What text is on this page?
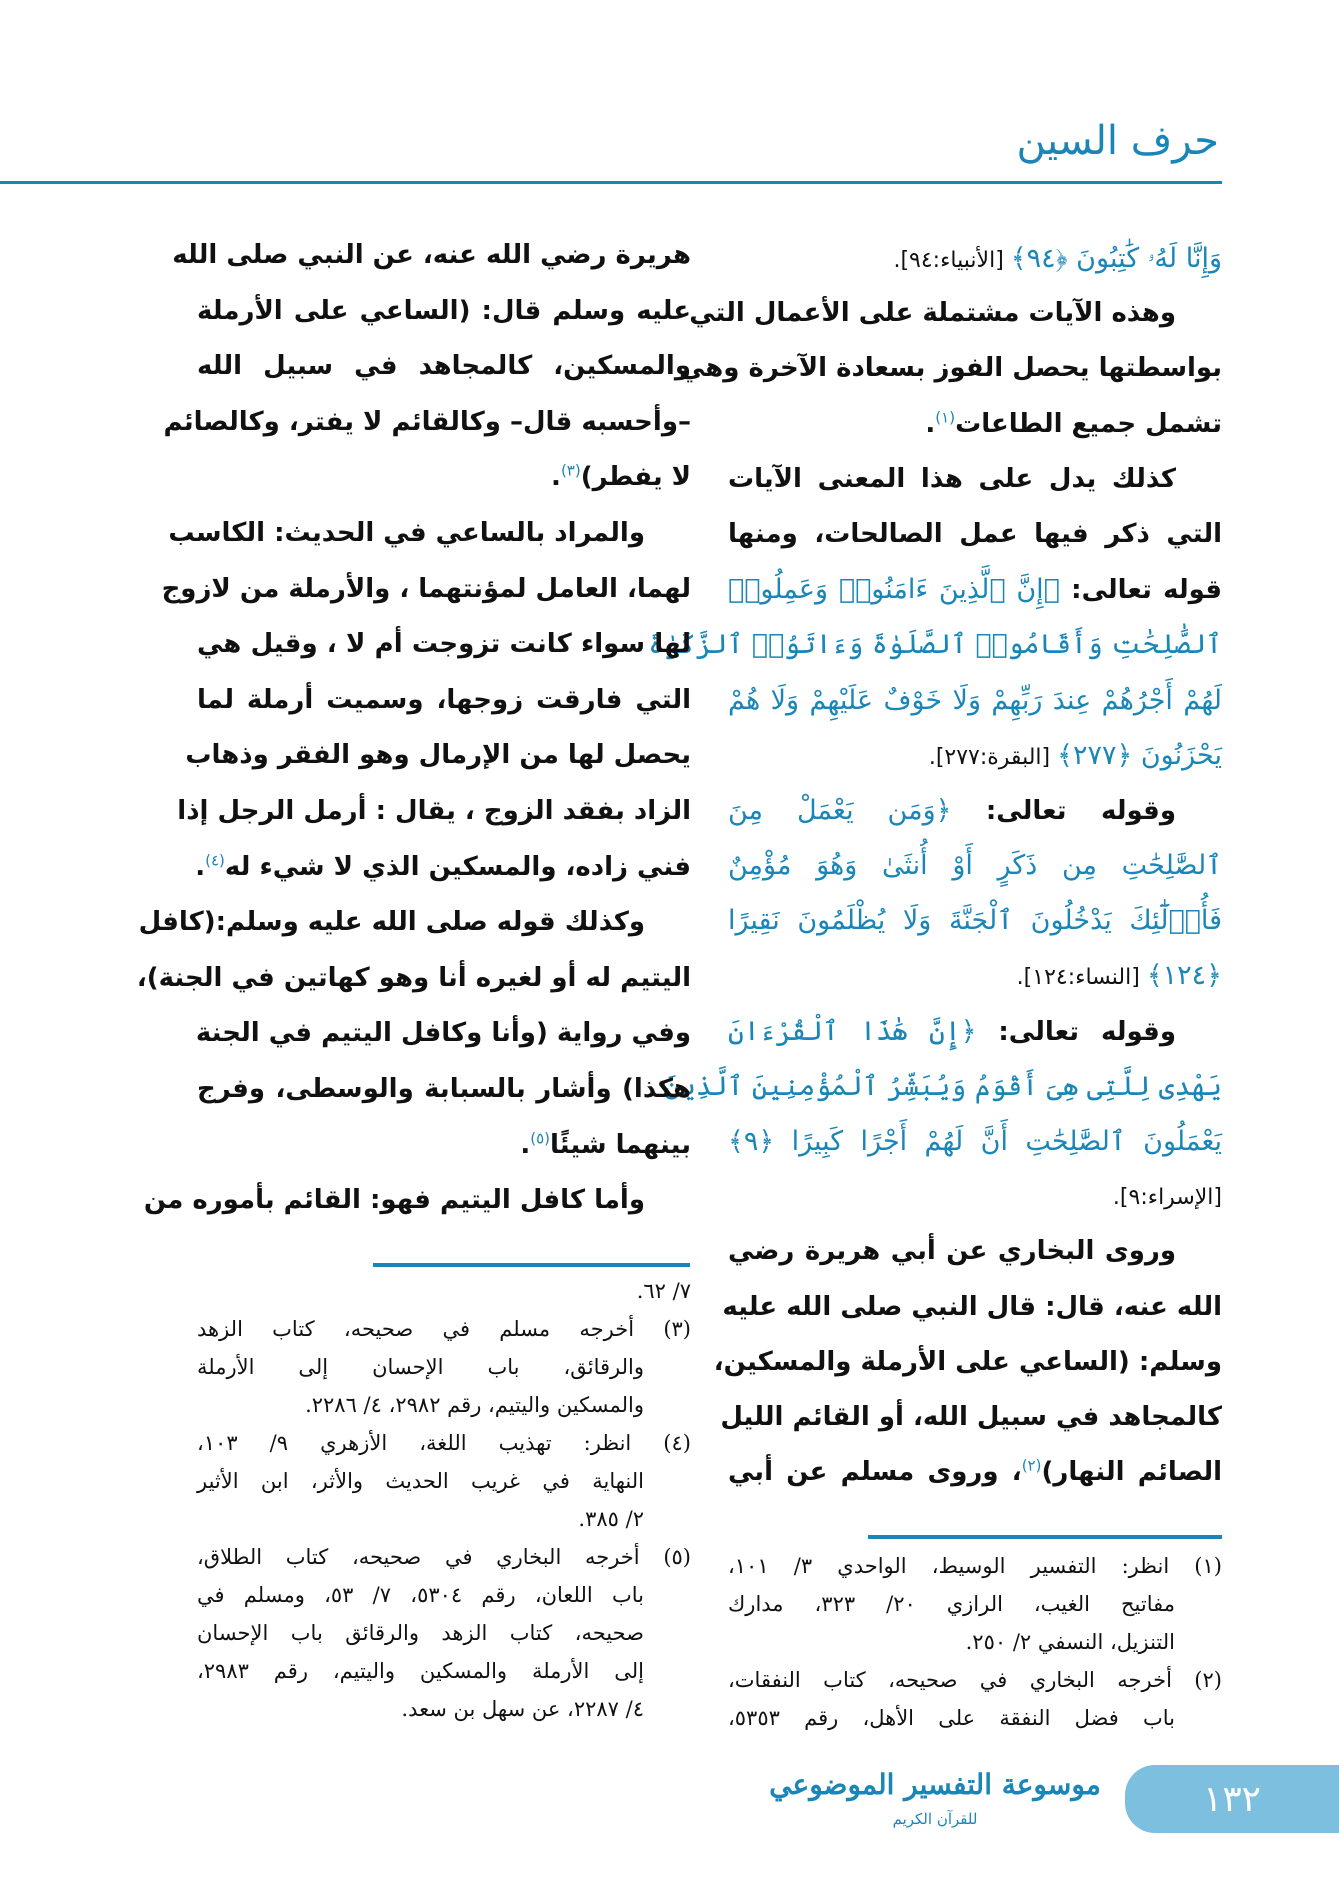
حرف السين
وَإِنَّا لَهُۥ كَٰتِبُونَ ﴿٩٤﴾ [الأنبياء:٩٤].
وهذه الآيات مشتملة على الأعمال التي
بواسطتها يحصل الفوز بسعادة الآخرة وهي
تشمل جميع الطاعات$^{(١)}$.
كذلك يدل على هذا المعنى الآيات
التي ذكر فيها عمل الصالحات، ومنها
قوله تعالى: ﴿إِنَّ ٱلَّذِينَ ءَامَنُوا۟ وَعَمِلُوا۟
ٱلصَّٰلِحَٰتِ وَأَقَامُوا۟ ٱلصَّلَوٰةَ وَءَاتَوُا۟ ٱلزَّكَوٰةَ
لَهُمْ أَجْرُهُمْ عِندَ رَبِّهِمْ وَلَا خَوْفٌ عَلَيْهِمْ وَلَا هُمْ
يَحْزَنُونَ ﴿٢٧٧﴾ [البقرة:٢٧٧].
وقوله تعالى: ﴿وَمَن يَعْمَلْ مِنَ
ٱلصَّٰلِحَٰتِ مِن ذَكَرٍ أَوْ أُنثَىٰ وَهُوَ مُؤْمِنٌ
فَأُو۟لَٰٓئِكَ يَدْخُلُونَ ٱلْجَنَّةَ وَلَا يُظْلَمُونَ نَقِيرًا
﴿١٢٤﴾ [النساء:١٢٤].
وقوله تعالى: ﴿إِنَّ هَٰذَا ٱلْقُرْءَانَ
يَهْدِى لِلَّتِى هِىَ أَقْوَمُ وَيُبَشِّرُ ٱلْمُؤْمِنِينَ ٱلَّذِينَ
يَعْمَلُونَ ٱلصَّٰلِحَٰتِ أَنَّ لَهُمْ أَجْرًا كَبِيرًا ﴿٩﴾
[الإسراء:٩].
وروى البخاري عن أبي هريرة رضي
الله عنه، قال: قال النبي صلى الله عليه
وسلم: (الساعي على الأرملة والمسكين،
كالمجاهد في سبيل الله، أو القائم الليل
الصائم النهار)$^{(٢)}$، وروى مسلم عن أبي
هريرة رضي الله عنه، عن النبي صلى الله
عليه وسلم قال: (الساعي على الأرملة
والمسكين، كالمجاهد في سبيل الله
–وأحسبه قال– وكالقائم لا يفتر، وكالصائم
لا يفطر)$^{(٣)}$.
والمراد بالساعي في الحديث: الكاسب
لهما، العامل لمؤنتهما ، والأرملة من لازوج
لها سواء كانت تزوجت أم لا ، وقيل هي
التي فارقت زوجها، وسميت أرملة لما
يحصل لها من الإرمال وهو الفقر وذهاب
الزاد بفقد الزوج ، يقال : أرمل الرجل إذا
فني زاده، والمسكين الذي لا شيء له$^{(٤)}$.
وكذلك قوله صلى الله عليه وسلم:(كافل
اليتيم له أو لغيره أنا وهو كهاتين في الجنة)،
وفي رواية (وأنا وكافل اليتيم في الجنة
هكذا) وأشار بالسبابة والوسطى، وفرج
بينهما شيئًا$^{(٥)}$.
وأما كافل اليتيم فهو: القائم بأموره من
٧/ ٦٢.
(٣) أخرجه مسلم في صحيحه، كتاب الزهد
والرقائق، باب الإحسان إلى الأرملة
والمسكين واليتيم، رقم ٢٩٨٢، ٤/ ٢٢٨٦.
(٤) انظر: تهذيب اللغة، الأزهري ٩/ ١٠٣،
النهاية في غريب الحديث والأثر، ابن الأثير
٢/ ٣٨٥.
(٥) أخرجه البخاري في صحيحه، كتاب الطلاق،
باب اللعان، رقم ٥٣٠٤، ٧/ ٥٣، ومسلم في
صحيحه، كتاب الزهد والرقائق باب الإحسان
إلى الأرملة والمسكين واليتيم، رقم ٢٩٨٣،
٤/ ٢٢٨٧، عن سهل بن سعد.
(١) انظر: التفسير الوسيط، الواحدي ٣/ ١٠١،
مفاتيح الغيب، الرازي ٢٠/ ٣٢٣، مدارك
التنزيل، النسفي ٢/ ٢٥٠.
(٢) أخرجه البخاري في صحيحه، كتاب النفقات،
باب فضل النفقة على الأهل، رقم ٥٣٥٣،
موسوعة التفسير الموضوعي
للقرآن الكريم	١٣٢
